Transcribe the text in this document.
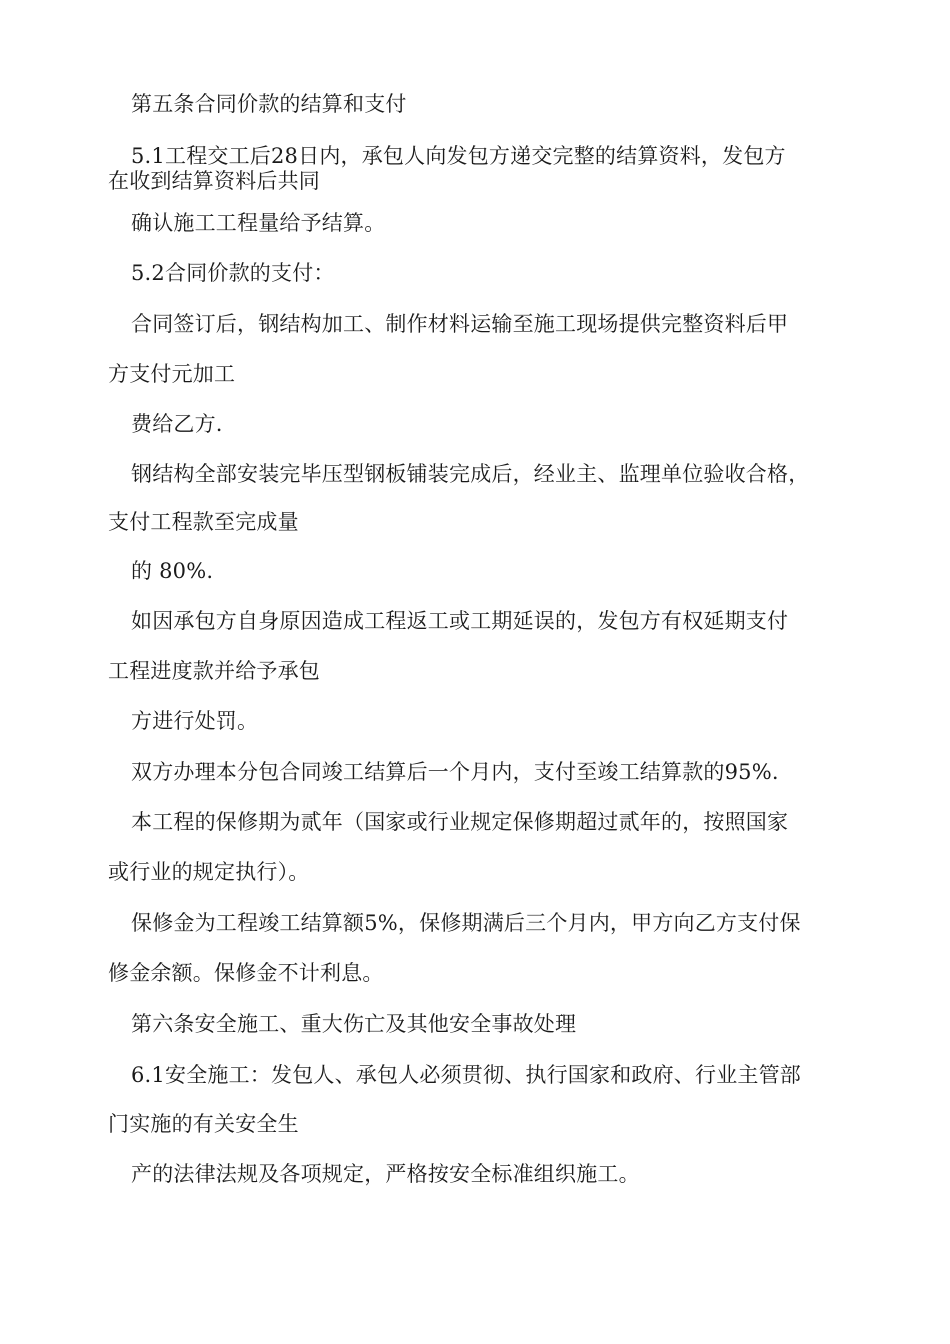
第五条合同价款的结算和支付
5.1工程交工后28日内，承包人向发包方递交完整的结算资料，发包方
在收到结算资料后共同
确认施工工程量给予结算。
5.2合同价款的支付：
合同签订后，钢结构加工、制作材料运输至施工现场提供完整资料后甲
方支付元加工
费给乙方.
钢结构全部安装完毕压型钢板铺装完成后，经业主、监理单位验收合格，
支付工程款至完成量
的 80%.
如因承包方自身原因造成工程返工或工期延误的，发包方有权延期支付
工程进度款并给予承包
方进行处罚。
双方办理本分包合同竣工结算后一个月内，支付至竣工结算款的95%.
本工程的保修期为贰年（国家或行业规定保修期超过贰年的，按照国家
或行业的规定执行）。
保修金为工程竣工结算额5%，保修期满后三个月内，甲方向乙方支付保
修金余额。保修金不计利息。
第六条安全施工、重大伤亡及其他安全事故处理
6.1安全施工：发包人、承包人必须贯彻、执行国家和政府、行业主管部
门实施的有关安全生
产的法律法规及各项规定，严格按安全标准组织施工。
